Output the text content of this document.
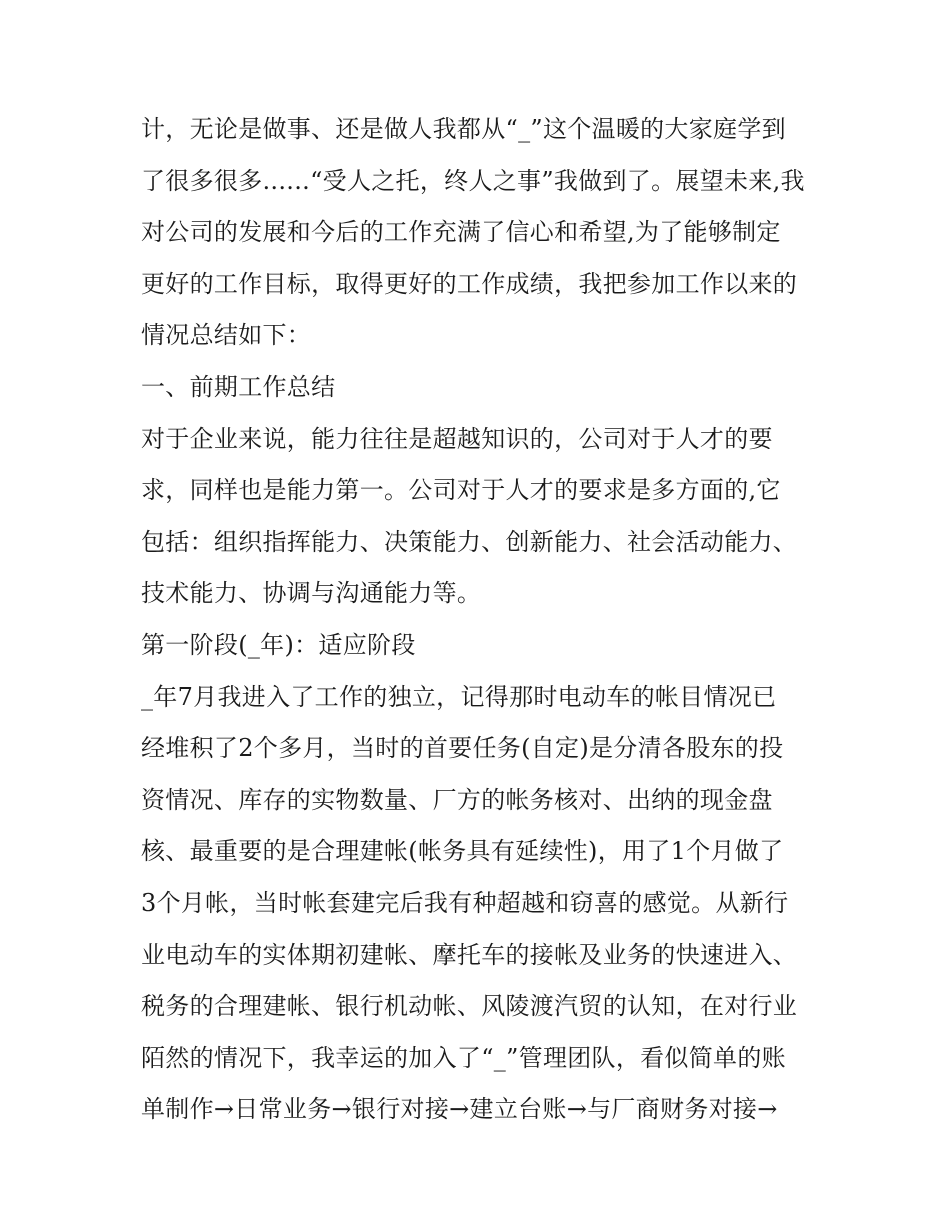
计，无论是做事、还是做人我都从“_”这个温暖的大家庭学到
了很多很多......“受人之托，终人之事”我做到了。展望未来,我
对公司的发展和今后的工作充满了信心和希望,为了能够制定
更好的工作目标，取得更好的工作成绩，我把参加工作以来的
情况总结如下：
一、前期工作总结
对于企业来说，能力往往是超越知识的，公司对于人才的要
求，同样也是能力第一。公司对于人才的要求是多方面的,它
包括：组织指挥能力、决策能力、创新能力、社会活动能力、
技术能力、协调与沟通能力等。
第一阶段(_年)：适应阶段
_年7月我进入了工作的独立，记得那时电动车的帐目情况已
经堆积了2个多月，当时的首要任务(自定)是分清各股东的投
资情况、库存的实物数量、厂方的帐务核对、出纳的现金盘
核、最重要的是合理建帐(帐务具有延续性)，用了1个月做了
3个月帐，当时帐套建完后我有种超越和窃喜的感觉。从新行
业电动车的实体期初建帐、摩托车的接帐及业务的快速进入、
税务的合理建帐、银行机动帐、风陵渡汽贸的认知，在对行业
陌然的情况下，我幸运的加入了“_”管理团队，看似简单的账
单制作→日常业务→银行对接→建立台账→与厂商财务对接→
